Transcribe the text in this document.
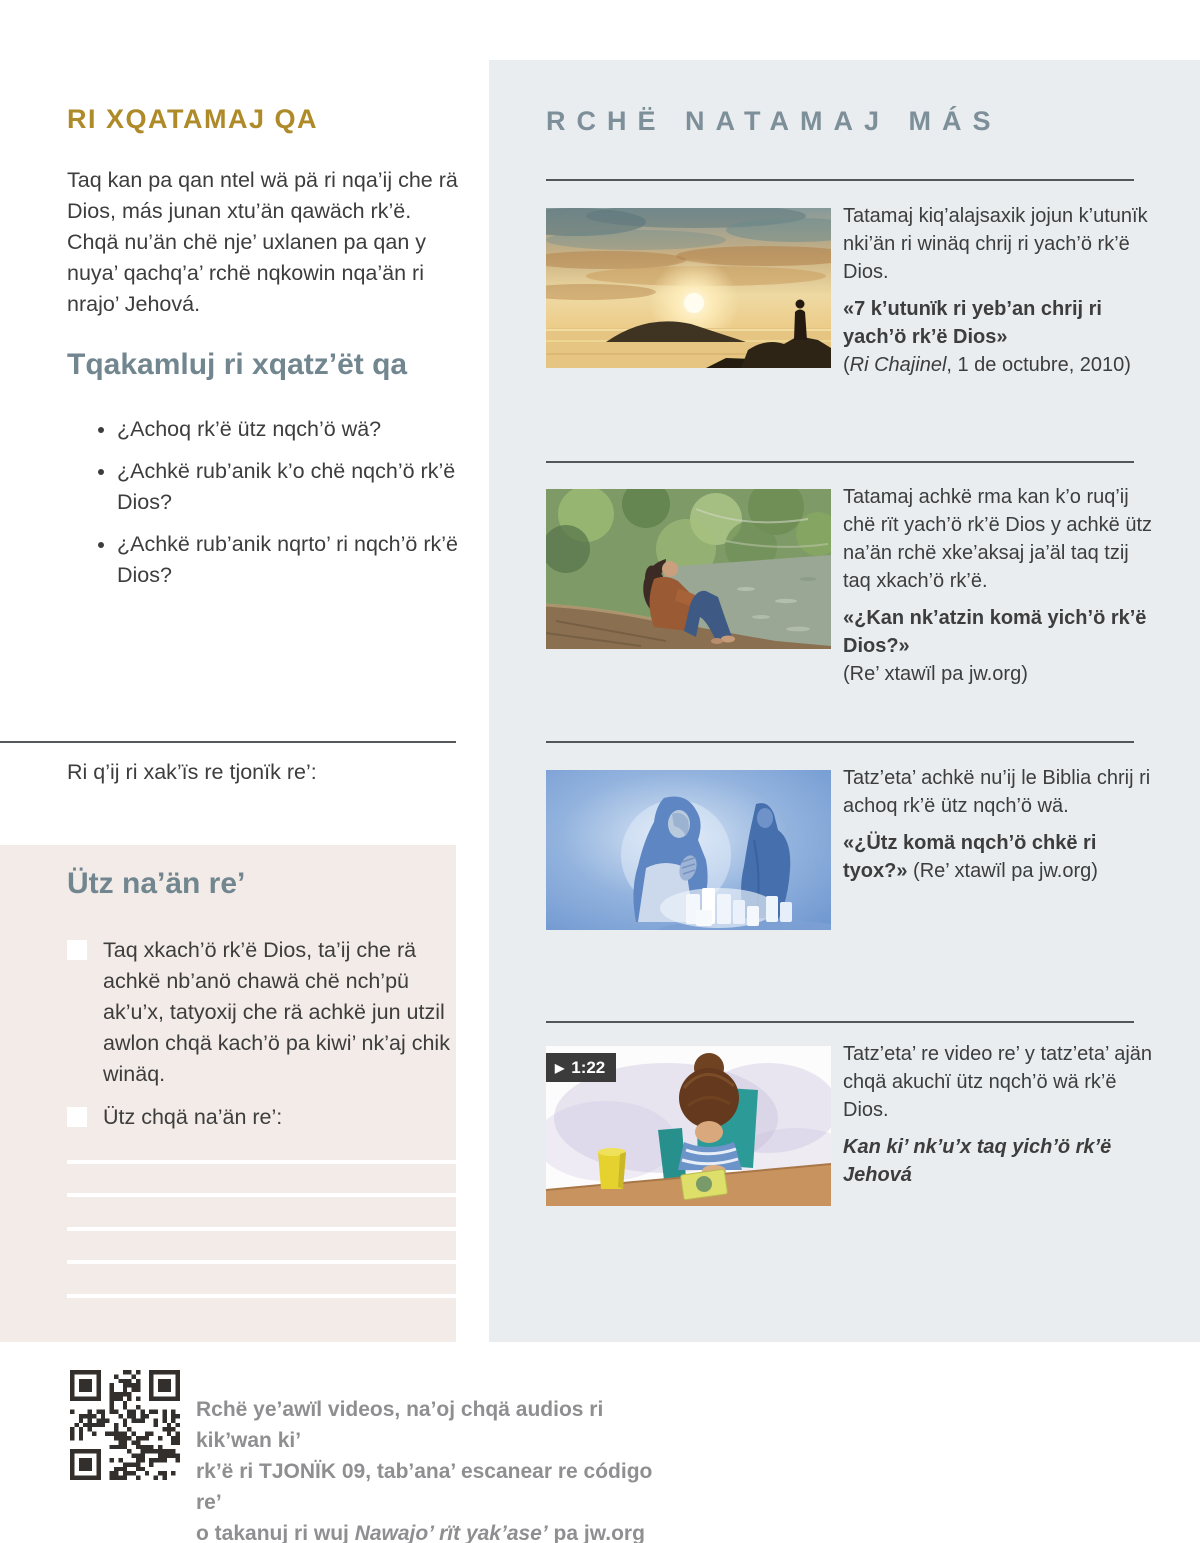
RI XQATAMAJ QA

Taq kan pa qan ntel wä pä ri nqa’ij che rä Dios, más junan xtu’än qawäch rk’ë. Chqä nu’än chë nje’ uxlanen pa qan y nuya’ qachq’a’ rchë nqkowin nqa’än ri nrajo’ Jehová.

Tqakamluj ri xqatz’ët qa
• ¿Achoq rk’ë ütz nqch’ö wä?
• ¿Achkë rub’anik k’o chë nqch’ö rk’ë Dios?
• ¿Achkë rub’anik nqrto’ ri nqch’ö rk’ë Dios?

Ri q’ij ri xak’ïs re tjonïk re’:

Ütz na’än re’

Taq xkach’ö rk’ë Dios, ta’ij che rä achkë nb’anö chawä chë nch’pü ak’u’x, tatyoxij che rä achkë jun utzil awlon chqä kach’ö pa kiwi’ nk’aj chik winäq.

Ütz chqä na’än re’:

RCHË NATAMAJ MÁS

Tatamaj kiq’alajsaxik jojun k’utunïk nki’än ri winäq chrij ri yach’ö rk’ë Dios.

«7 k’utunïk ri yeb’an chrij ri yach’ö rk’ë Dios»

(Ri Chajinel, 1 de octubre, 2010)

Tatamaj achkë rma kan k’o ruq’ij chë rït yach’ö rk’ë Dios y achkë ütz na’än rchë xke’aksaj ja’äl taq tzij taq xkach’ö rk’ë.

«¿Kan nk’atzin komä yich’ö rk’ë Dios?»

(Re’ xtawïl pa jw.org)

Tatz’eta’ achkë nu’ij le Biblia chrij ri achoq rk’ë ütz nqch’ö wä.

«¿Ütz komä nqch’ö chkë ri tyox?» (Re’ xtawïl pa jw.org)

▶ 1:22

Tatz’eta’ re video re’ y tatz’eta’ ajän chqä akuchï ütz nqch’ö wä rk’ë Dios.

Kan ki’ nk’u’x taq yich’ö rk’ë Jehová

Rchë ye’awïl videos, na’oj chqä audios ri kik’wan ki’
rk’ë ri TJONÏK 09, tab’ana’ escanear re código re’
o takanuj ri wuj Nawajo’ rït yak’ase’ pa jw.org
